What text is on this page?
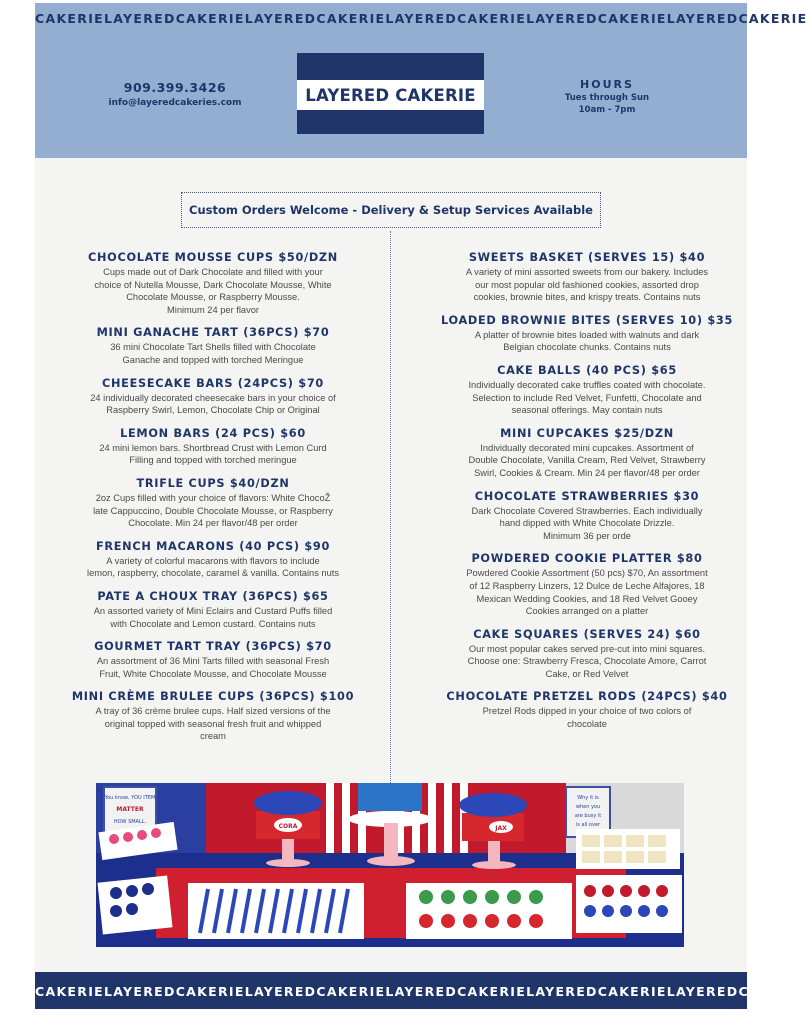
CAKERIE LAYERED CAKERIE LAYERED CAKERIE LAYERED CAKERIE LAYERED CAKERIE LAYERED CAKERIE
909.399.3426
info@layeredcakeries.com	LAYERED CAKERIE
HOURS
Tues through Sun
10am - 7pm
Custom Orders Welcome - Delivery & Setup Services Available
CHOCOLATE MOUSSE CUPS $50/DZN
Cups made out of Dark Chocolate and filled with your
choice of Nutella Mousse, Dark Chocolate Mousse, White
Chocolate Mousse, or Raspberry Mousse.
Minimum 24 per flavor
MINI GANACHE TART (36PCS) $70
36 mini Chocolate Tart Shells filled with Chocolate
Ganache and topped with torched Meringue
CHEESECAKE BARS (24PCS) $70
24 individually decorated cheesecake bars in your choice of
Raspberry Swirl, Lemon, Chocolate Chip or Original
LEMON BARS (24 PCS) $60
24 mini lemon bars. Shortbread Crust with Lemon Curd
Filling and topped with torched meringue
TRIFLE CUPS $40/DZN
2oz Cups filled with your choice of flavors: White ChocoŽ
late Cappuccino, Double Chocolate Mousse, or Raspberry
Chocolate. Min 24 per flavor/48 per order
FRENCH MACARONS (40 PCS) $90
A variety of colorful macarons with flavors to include
lemon, raspberry, chocolate, caramel & vanilla. Contains nuts
PATE A CHOUX TRAY (36PCS) $65
An assorted variety of Mini Eclairs and Custard Puffs filled
with Chocolate and Lemon custard. Contains nuts
GOURMET TART TRAY (36PCS) $70
An assortment of 36 Mini Tarts filled with seasonal Fresh
Fruit, White Chocolate Mousse, and Chocolate Mousse
MINI CRÈME BRULEE CUPS (36PCS) $100
A tray of 36 crème brulee cups. Half sized versions of the
original topped with seasonal fresh fruit and whipped
cream
SWEETS BASKET (SERVES 15) $40
A variety of mini assorted sweets from our bakery. Includes
our most popular old fashioned cookies, assorted drop
cookies, brownie bites, and krispy treats. Contains nuts
LOADED BROWNIE BITES (SERVES 10) $35
A platter of brownie bites loaded with walnuts and dark
Belgian chocolate chunks. Contains nuts
CAKE BALLS (40 PCS) $65
Individually decorated cake truffles coated with chocolate.
Selection to include Red Velvet, Funfetti, Chocolate and
seasonal offerings. May contain nuts
MINI CUPCAKES $25/DZN
Individually decorated mini cupcakes. Assortment of
Double Chocolate, Vanilla Cream, Red Velvet, Strawberry
Swirl, Cookies & Cream. Min 24 per flavor/48 per order
CHOCOLATE STRAWBERRIES $30
Dark Chocolate Covered Strawberries. Each individually
hand dipped with White Chocolate Drizzle.
Minimum 36 per orde
POWDERED COOKIE PLATTER $80
Powdered Cookie Assortment (50 pcs) $70, An assortment
of 12 Raspberry Linzers, 12 Dulce de Leche Alfajores, 18
Mexican Wedding Cookies, and 18 Red Velvet Gooey
Cookies arranged on a platter
CAKE SQUARES (SERVES 24) $60
Our most popular cakes served pre-cut into mini squares.
Choose one: Strawberry Fresca, Chocolate Amore, Carrot
Cake, or Red Velvet
CHOCOLATE PRETZEL RODS (24PCS) $40
Pretzel Rods dipped in your choice of two colors of
chocolate
You know, YOU ITEM
MATTER
HOW SMALL.
Why it is
when you
are busy it
is all over
CORA	JAX
CAKERIE LAYERED CAKERIE LAYERED CAKERIE LAYERED CAKERIE LAYERED CAKERIE LAYERED CAKERIE
